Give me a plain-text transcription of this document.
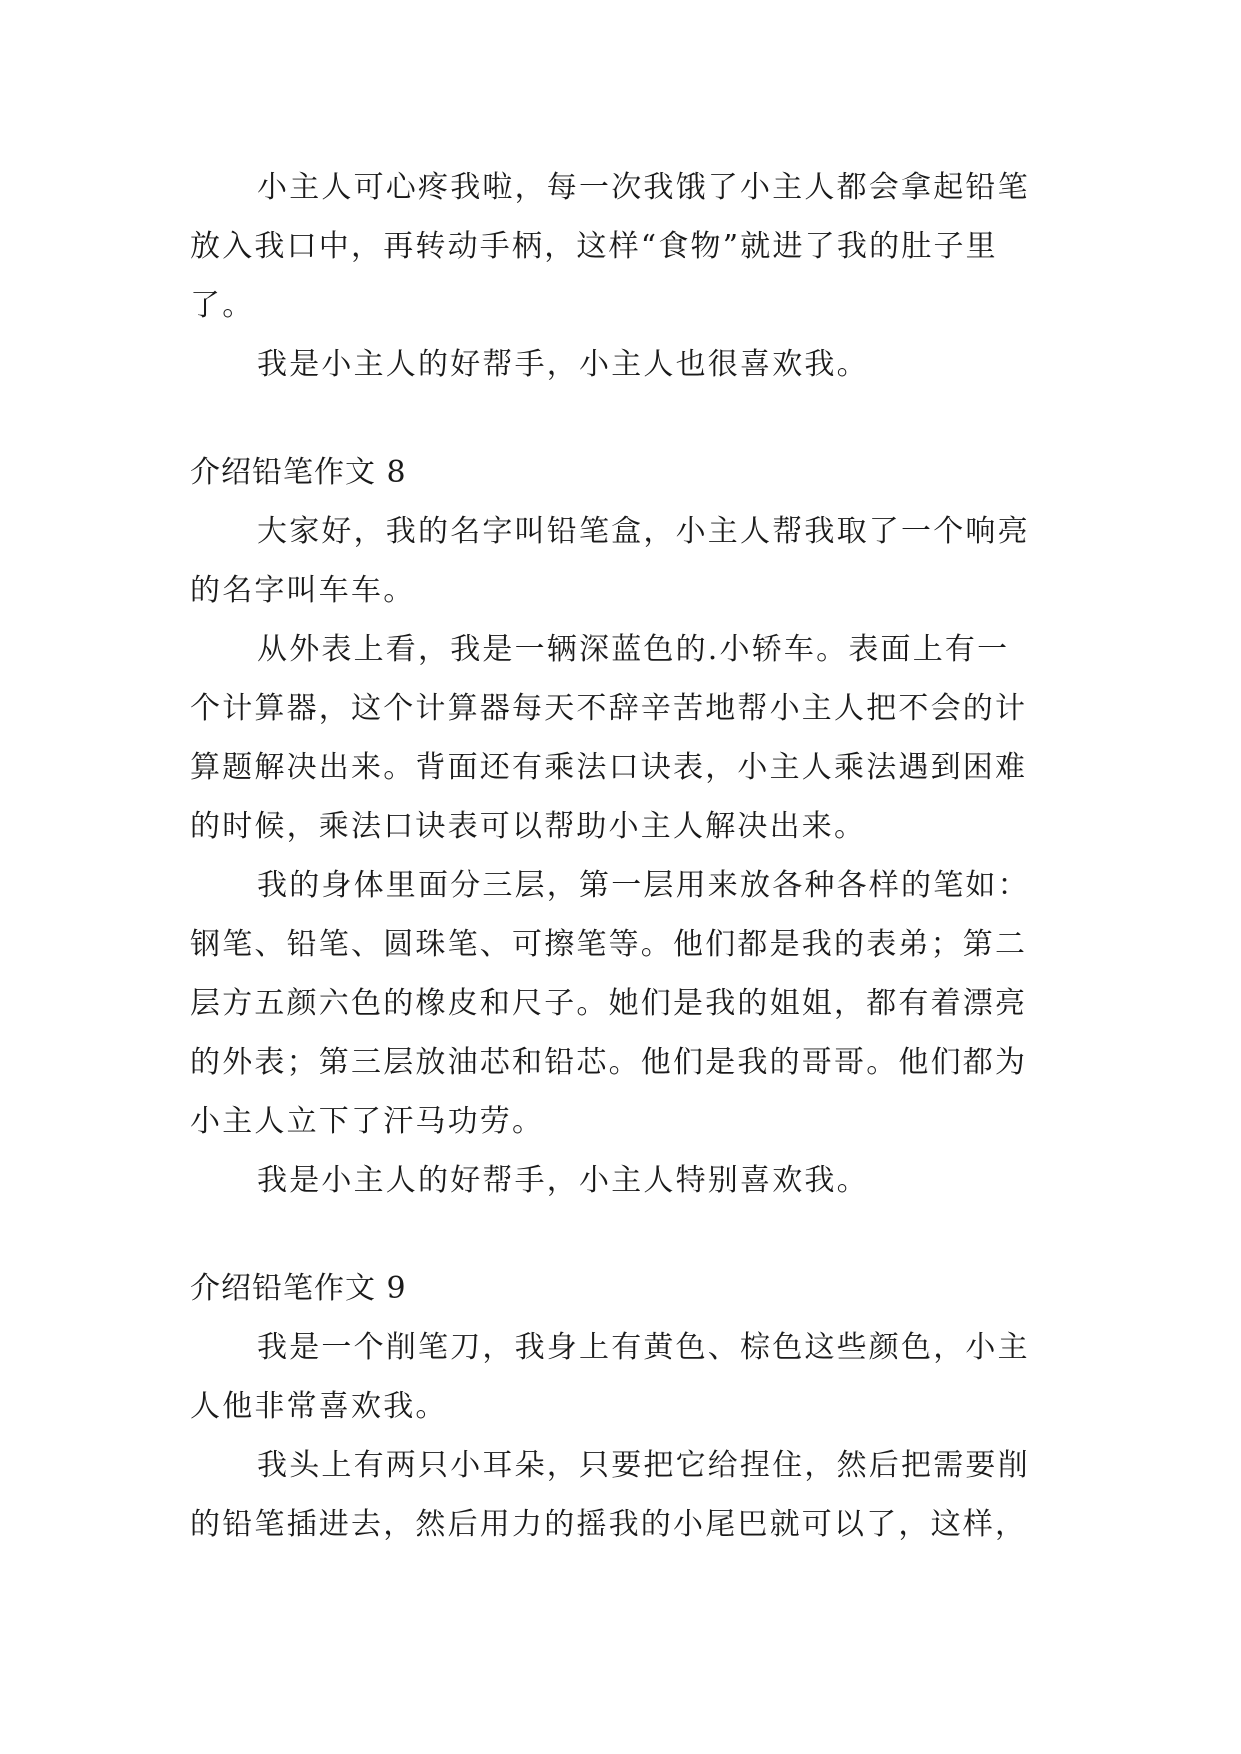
小主人可心疼我啦，每一次我饿了小主人都会拿起铅笔
放入我口中，再转动手柄，这样“食物”就进了我的肚子里
了。
我是小主人的好帮手，小主人也很喜欢我。
介绍铅笔作文 8
大家好，我的名字叫铅笔盒，小主人帮我取了一个响亮
的名字叫车车。
从外表上看，我是一辆深蓝色的.小轿车。表面上有一
个计算器，这个计算器每天不辞辛苦地帮小主人把不会的计
算题解决出来。背面还有乘法口诀表，小主人乘法遇到困难
的时候，乘法口诀表可以帮助小主人解决出来。
我的身体里面分三层，第一层用来放各种各样的笔如：
钢笔、铅笔、圆珠笔、可擦笔等。他们都是我的表弟；第二
层方五颜六色的橡皮和尺子。她们是我的姐姐，都有着漂亮
的外表；第三层放油芯和铅芯。他们是我的哥哥。他们都为
小主人立下了汗马功劳。
我是小主人的好帮手，小主人特别喜欢我。
介绍铅笔作文 9
我是一个削笔刀，我身上有黄色、棕色这些颜色，小主
人他非常喜欢我。
我头上有两只小耳朵，只要把它给捏住，然后把需要削
的铅笔插进去，然后用力的摇我的小尾巴就可以了，这样，
